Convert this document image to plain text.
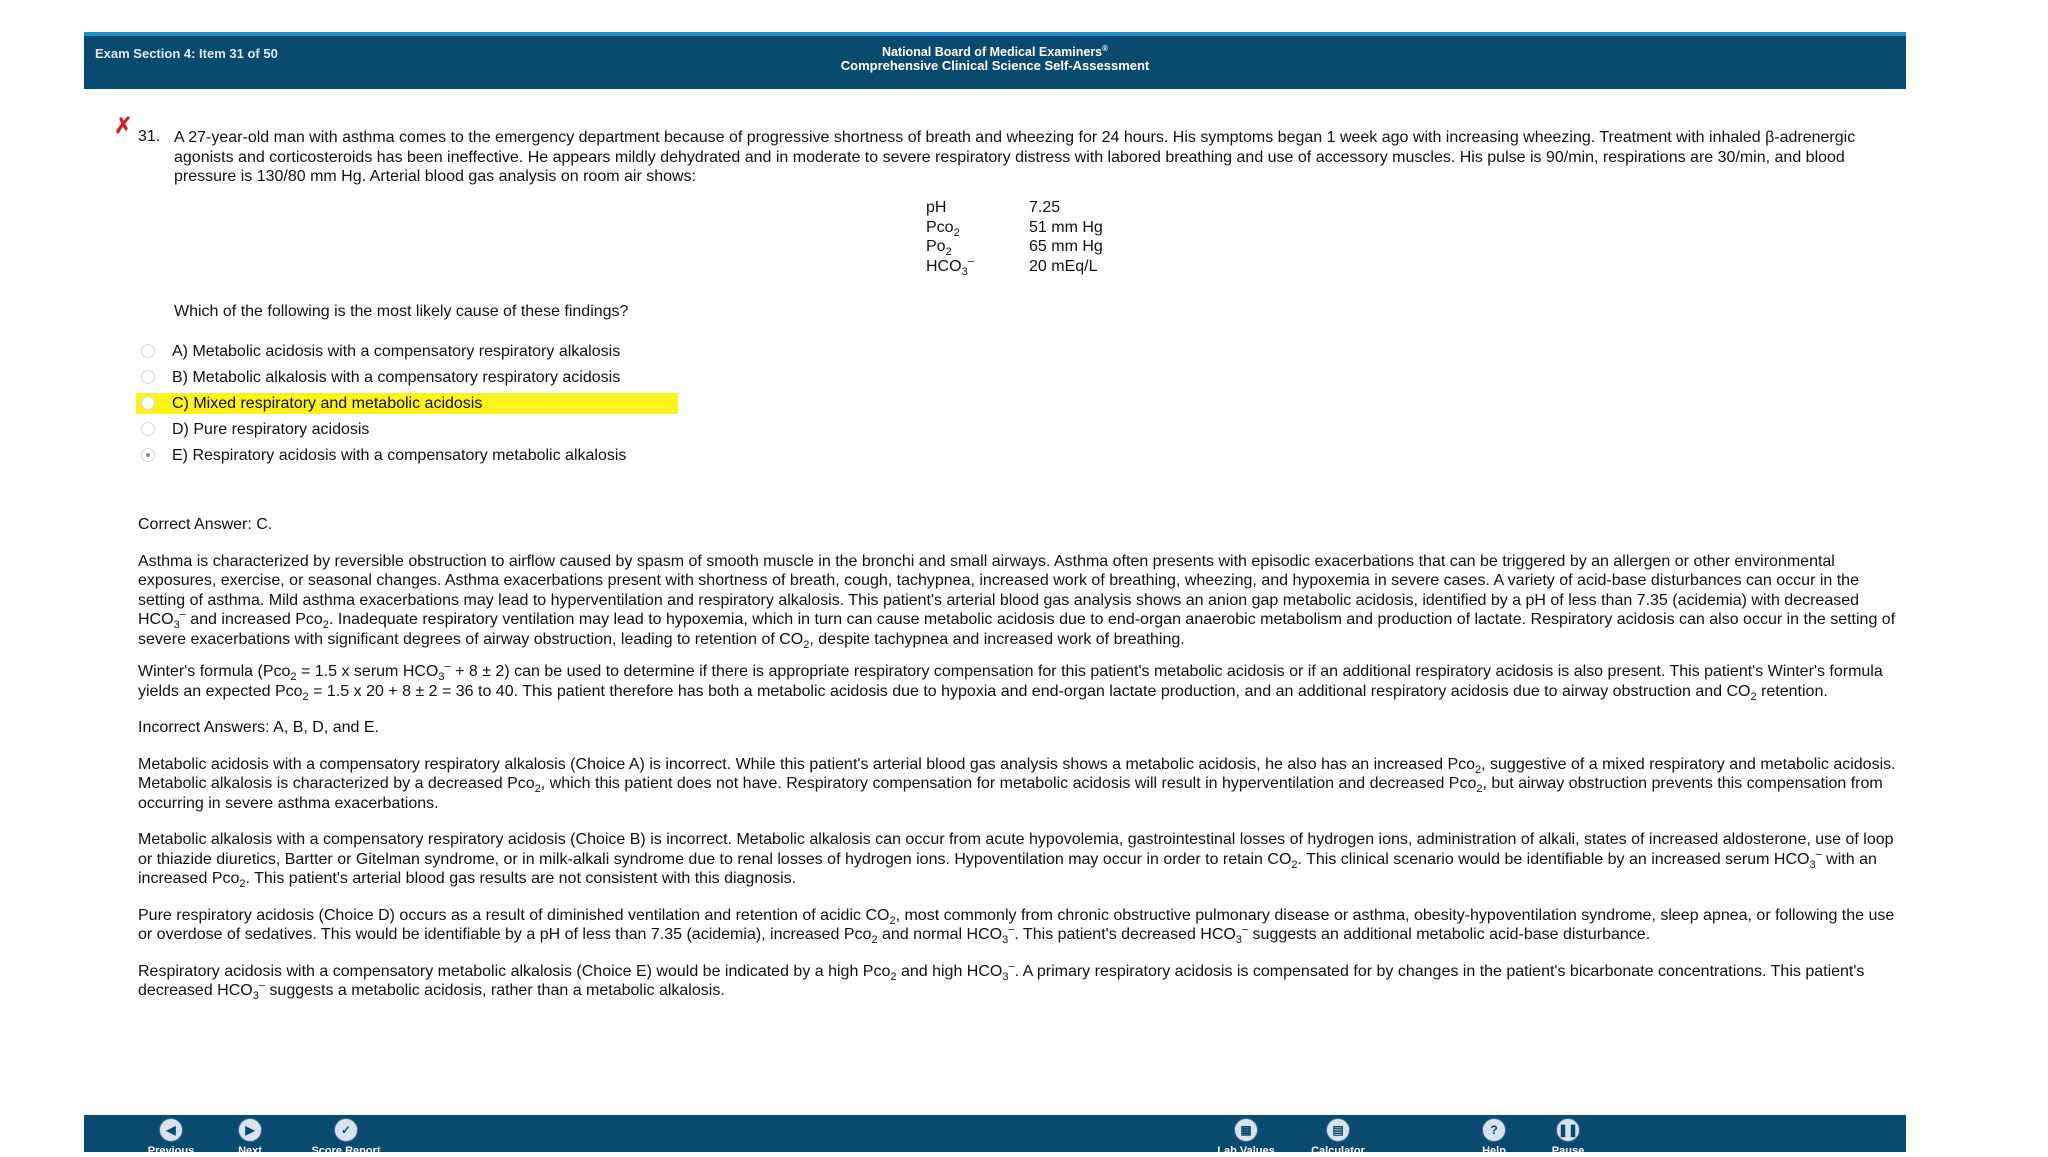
Exam Section 4: Item 31 of 50	National Board of Medical Examiners®
Comprehensive Clinical Science Self-Assessment
✗ 31. A 27-year-old man with asthma comes to the emergency department because of progressive shortness of breath and wheezing for 24 hours. His symptoms began 1 week ago with increasing wheezing. Treatment with inhaled β-adrenergic agonists and corticosteroids has been ineffective. He appears mildly dehydrated and in moderate to severe respiratory distress with labored breathing and use of accessory muscles. His pulse is 90/min, respirations are 30/min, and blood pressure is 130/80 mm Hg. Arterial blood gas analysis on room air shows:
pH	7.25
Pco$_2$	51 mm Hg
$Po_2$	65 mm Hg
$HCO_3^-$	20 mEq/L
Which of the following is the most likely cause of these findings?
A) Metabolic acidosis with a compensatory respiratory alkalosis
B) Metabolic alkalosis with a compensatory respiratory acidosis
C) Mixed respiratory and metabolic acidosis
D) Pure respiratory acidosis
E) Respiratory acidosis with a compensatory metabolic alkalosis

Correct Answer: C.

Asthma is characterized by reversible obstruction to airflow caused by spasm of smooth muscle in the bronchi and small airways. Asthma often presents with episodic exacerbations that can be triggered by an allergen or other environmental exposures, exercise, or seasonal changes. Asthma exacerbations present with shortness of breath, cough, tachypnea, increased work of breathing, wheezing, and hypoxemia in severe cases. A variety of acid-base disturbances can occur in the setting of asthma. Mild asthma exacerbations may lead to hyperventilation and respiratory alkalosis. This patient's arterial blood gas analysis shows an anion gap metabolic acidosis, identified by a pH of less than 7.35 (acidemia) with decreased $HCO_3^-$ and increased Pco$_2$. Inadequate respiratory ventilation may lead to hypoxemia, which in turn can cause metabolic acidosis due to end-organ anaerobic metabolism and production of lactate. Respiratory acidosis can also occur in the setting of severe exacerbations with significant degrees of airway obstruction, leading to retention of $CO_2$, despite tachypnea and increased work of breathing.

Winter's formula (Pco$_2$ = 1.5 x serum $HCO_3^- + 8 \pm 2$) can be used to determine if there is appropriate respiratory compensation for this patient's metabolic acidosis or if an additional respiratory acidosis is also present. This patient's Winter's formula yields an expected Pco$_2$ = 1.5 x 20 + 8 ± 2 = 36 to 40. This patient therefore has both a metabolic acidosis due to hypoxia and end-organ lactate production, and an additional respiratory acidosis due to airway obstruction and $CO_2$ retention.

Incorrect Answers: A, B, D, and E.

Metabolic acidosis with a compensatory respiratory alkalosis (Choice A) is incorrect. While this patient's arterial blood gas analysis shows a metabolic acidosis, he also has an increased Pco$_2$, suggestive of a mixed respiratory and metabolic acidosis. Metabolic alkalosis is characterized by a decreased Pco$_2$, which this patient does not have. Respiratory compensation for metabolic acidosis will result in hyperventilation and decreased Pco$_2$, but airway obstruction prevents this compensation from occurring in severe asthma exacerbations.

Metabolic alkalosis with a compensatory respiratory acidosis (Choice B) is incorrect. Metabolic alkalosis can occur from acute hypovolemia, gastrointestinal losses of hydrogen ions, administration of alkali, states of increased aldosterone, use of loop or thiazide diuretics, Bartter or Gitelman syndrome, or in milk-alkali syndrome due to renal losses of hydrogen ions. Hypoventilation may occur in order to retain $CO_2$. This clinical scenario would be identifiable by an increased serum $HCO_3^-$ with an increased Pco$_2$. This patient's arterial blood gas results are not consistent with this diagnosis.

Pure respiratory acidosis (Choice D) occurs as a result of diminished ventilation and retention of acidic $CO_2$, most commonly from chronic obstructive pulmonary disease or asthma, obesity-hypoventilation syndrome, sleep apnea, or following the use or overdose of sedatives. This would be identifiable by a pH of less than 7.35 (acidemia), increased Pco$_2$ and normal $HCO_3^-$. This patient's decreased $HCO_3^-$ suggests an additional metabolic acid-base disturbance.

Respiratory acidosis with a compensatory metabolic alkalosis (Choice E) would be indicated by a high Pco$_2$ and high $HCO_3^-$. A primary respiratory acidosis is compensated for by changes in the patient's bicarbonate concentrations. This patient's decreased $HCO_3^-$ suggests a metabolic acidosis, rather than a metabolic alkalosis.

◀
Previous
▶
Next
✓
Score Report
▦
Lab Values
▤
Calculator
?
Help
❚❚
Pause
